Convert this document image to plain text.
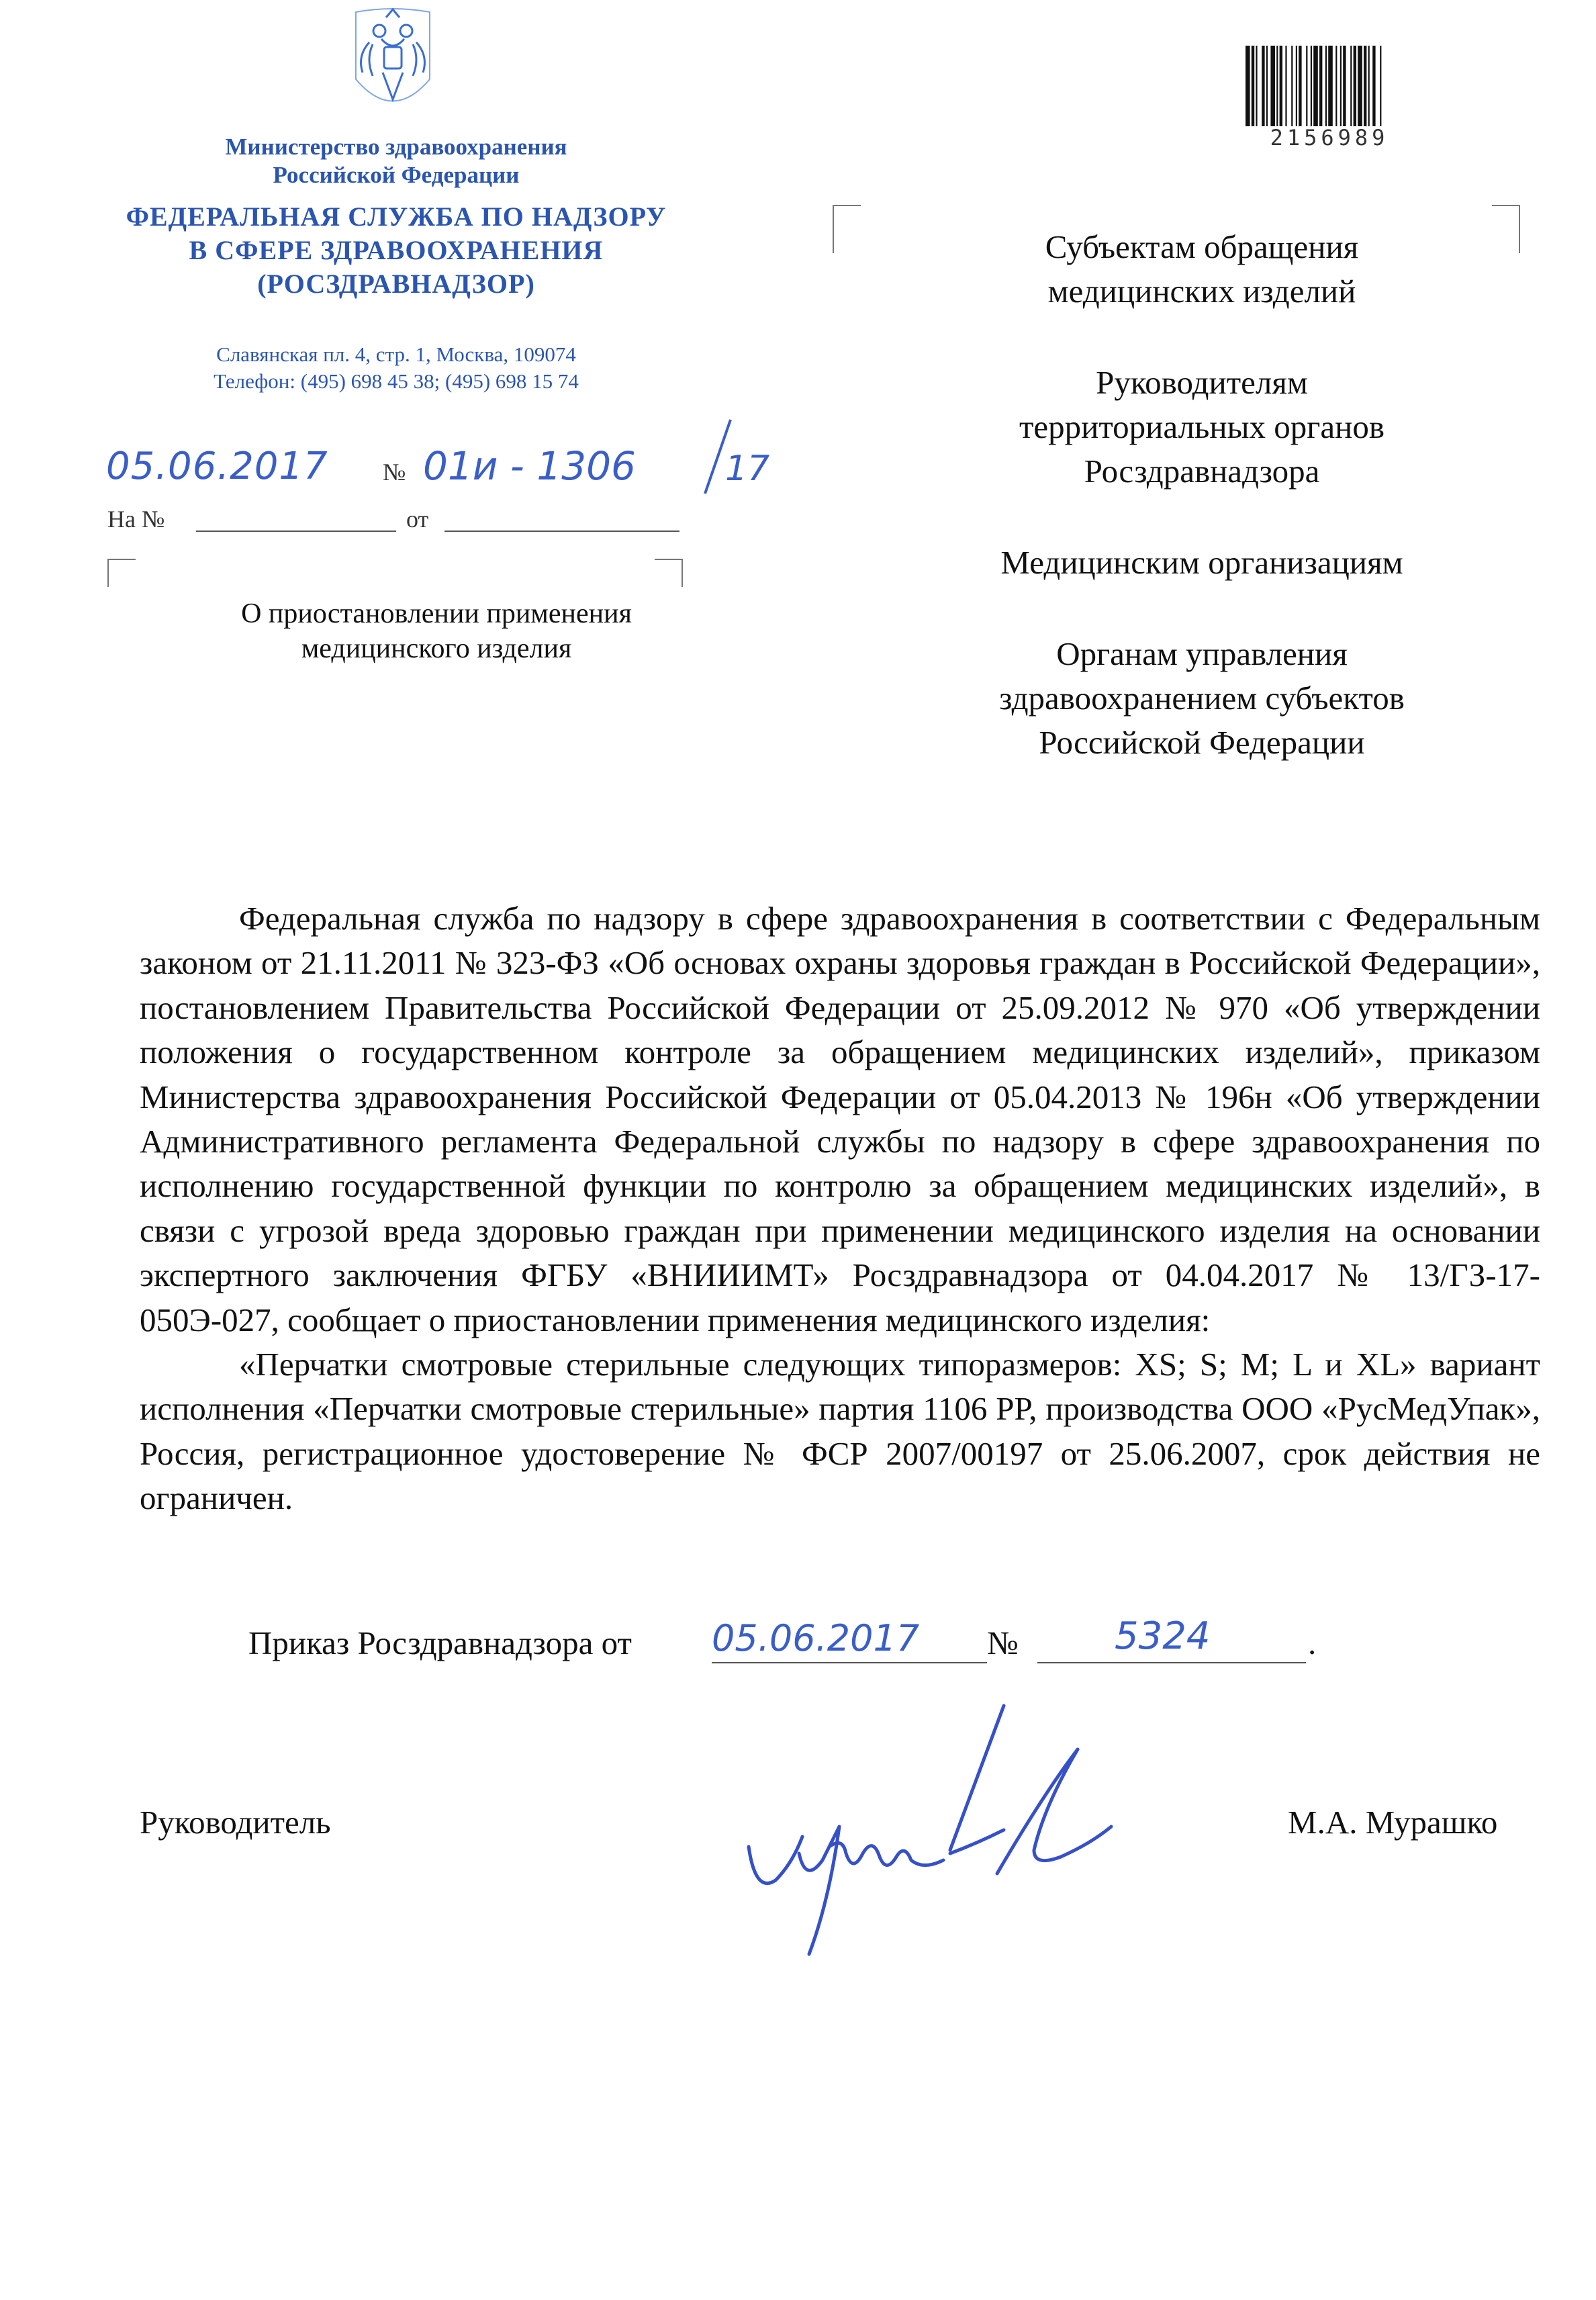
Министерство здравоохранения
Российской Федерации
ФЕДЕРАЛЬНАЯ СЛУЖБА ПО НАДЗОРУ
В СФЕРЕ ЗДРАВООХРАНЕНИЯ
(РОСЗДРАВНАДЗОР)
Славянская пл. 4, стр. 1, Москва, 109074
Телефон: (495) 698 45 38; (495) 698 15 74
05.06.2017 № 01и - 1306	17
На №	от
О приостановлении применения
медицинского изделия
2156989
Субъектам обращения
медицинских изделий
Руководителям
территориальных органов
Росздравнадзора
Медицинским организациям
Органам управления
здравоохранением субъектов
Российской Федерации

Федеральная служба по надзору в сфере здравоохранения в соответствии с Федеральным законом от 21.11.2011 № 323-ФЗ «Об основах охраны здоровья граждан в Российской Федерации», постановлением Правительства Российской Федерации от 25.09.2012 № 970 «Об утверждении положения о государственном контроле за обращением медицинских изделий», приказом Министерства здравоохранения Российской Федерации от 05.04.2013 № 196н «Об утверждении Административного регламента Федеральной службы по надзору в сфере здравоохранения по исполнению государственной функции по контролю за обращением медицинских изделий», в связи с угрозой вреда здоровью граждан при применении медицинского изделия на основании экспертного заключения ФГБУ «ВНИИИМТ» Росздравнадзора от 04.04.2017 № 13/ГЗ-17-050Э-027, сообщает о приостановлении применения медицинского изделия:

«Перчатки смотровые стерильные следующих типоразмеров: XS; S; M; L и XL» вариант исполнения «Перчатки смотровые стерильные» партия 1106 PP, производства ООО «РусМедУпак», Россия, регистрационное удостоверение № ФСР 2007/00197 от 25.06.2007, срок действия не ограничен.

Приказ Росздравнадзора от 05.06.2017 №	5324	.
Руководитель	М.А. Мурашко
